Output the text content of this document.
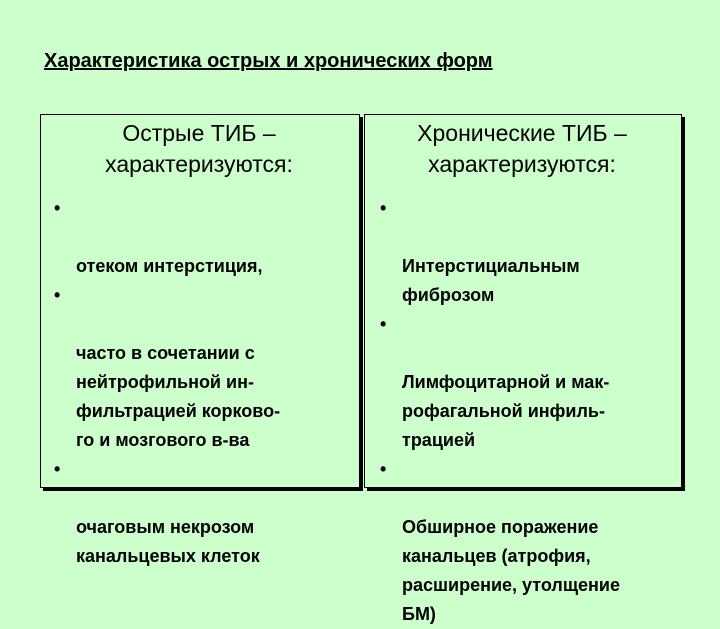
Характеристика острых и хронических форм
Острые ТИБ –
характеризуются:
Хронические ТИБ –
характеризуются:

•

отеком интерстиция,

•

часто в сочетании с
нейтрофильной ин-
фильтрацией корково-
го и мозгового в-ва

•

очаговым некрозом
канальцевых клеток

•

Интерстициальным
фиброзом

•

Лимфоцитарной и мак-
рофагальной инфиль-
трацией

•

Обширное поражение
канальцев (атрофия,
расширение, утолщение
БМ)
